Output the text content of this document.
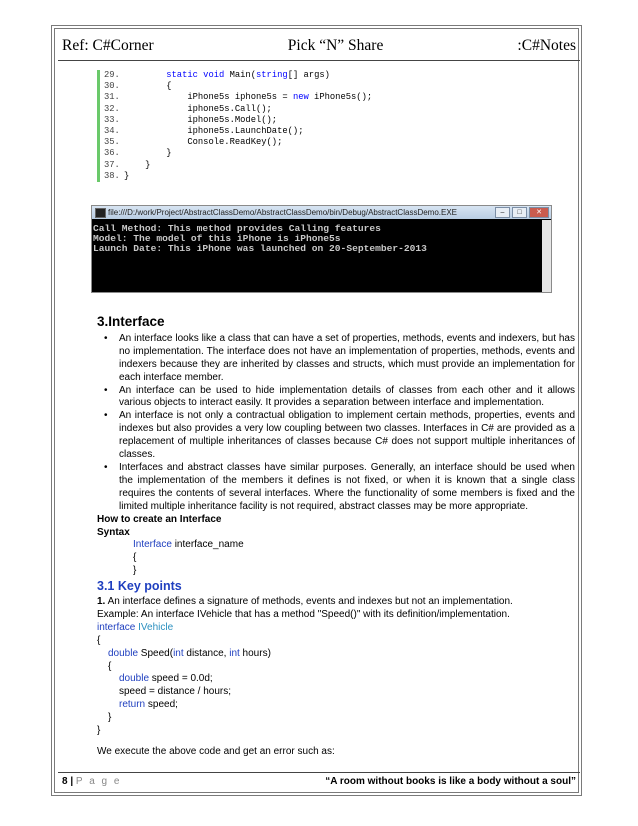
Ref: C#Corner	Pick “N” Share	:C#Notes
29.	static void Main(string[] args)
30. {
31. iPhone5s iphone5s = new iPhone5s();
32. iphone5s.Call();
33. iphone5s.Model();
34. iphone5s.LaunchDate();
35. Console.ReadKey();
36. }
37. }
38. }
file:///D:/work/Project/AbstractClassDemo/AbstractClassDemo/bin/Debug/AbstractClassDemo.EXE	–	□	✕
Call Method: This method provides Calling features
Model: The model of this iPhone is iPhone5s
Launch Date: This iPhone was launched on 20-September-2013
3.Interface
• An interface looks like a class that can have a set of properties, methods, events and indexers, but has no implementation. The interface does not have an implementation of properties, methods, events and indexers because they are inherited by classes and structs, which must provide an implementation for each interface member.
• An interface can be used to hide implementation details of classes from each other and it allows various objects to interact easily. It provides a separation between interface and implementation.
• An interface is not only a contractual obligation to implement certain methods, properties, events and indexes but also provides a very low coupling between two classes. Interfaces in C# are provided as a replacement of multiple inheritances of classes because C# does not support multiple inheritances of classes.
• Interfaces and abstract classes have similar purposes. Generally, an interface should be used when the implementation of the members it defines is not fixed, or when it is known that a single class requires the contents of several interfaces. Where the functionality of some members is fixed and the limited multiple inheritance facility is not required, abstract classes may be more appropriate.
How to create an Interface
Syntax
Interface interface_name
{
}
3.1 Key points
1. An interface defines a signature of methods, events and indexes but not an implementation.
Example: An interface IVehicle that has a method "Speed()" with its definition/implementation.
interface IVehicle
{
double Speed(int distance, int hours)
{
double speed = 0.0d;
speed = distance / hours;
return speed;
}
}
We execute the above code and get an error such as:
8 | P a g e	“A room without books is like a body without a soul”
